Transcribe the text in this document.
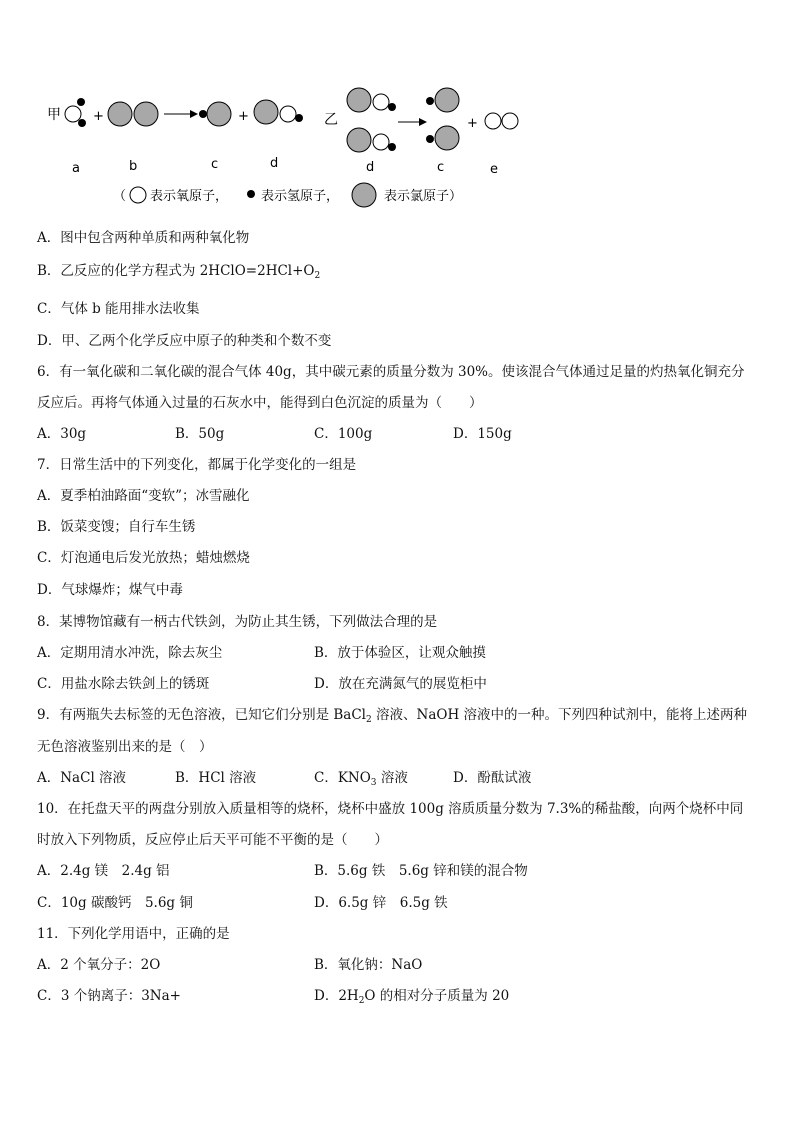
甲 +	+	乙	+
a	b	c	d	d	c	e
（ 表示氧原子，	表示氢原子，	表示氯原子）
A．图中包含两种单质和两种氧化物
B．乙反应的化学方程式为 $2HClO=2HCl+O_2$
C．气体 b 能用排水法收集
D．甲、乙两个化学反应中原子的种类和个数不变
6．有一氧化碳和二氧化碳的混合气体 40g，其中碳元素的质量分数为 30%。使该混合气体通过足量的灼热氧化铜充分
反应后。再将气体通入过量的石灰水中，能得到白色沉淀的质量为（　　）
A．30g	B．50g	C．100g	D．150g
7．日常生活中的下列变化，都属于化学变化的一组是
A．夏季柏油路面“变软”；冰雪融化
B．饭菜变馊；自行车生锈
C．灯泡通电后发光放热；蜡烛燃烧
D．气球爆炸；煤气中毒
8．某博物馆藏有一柄古代铁剑，为防止其生锈，下列做法合理的是
A．定期用清水冲洗，除去灰尘	B．放于体验区，让观众触摸
C．用盐水除去铁剑上的锈斑	D．放在充满氮气的展览柜中
9．有两瓶失去标签的无色溶液，已知它们分别是 BaCl$_2$ 溶液、NaOH 溶液中的一种。下列四种试剂中，能将上述两种
无色溶液鉴别出来的是（　）
A．NaCl 溶液	B．HCl 溶液	C．$KNO_3$ 溶液	D．酚酞试液
10．在托盘天平的两盘分别放入质量相等的烧杯，烧杯中盛放 100g 溶质质量分数为 7.3%的稀盐酸，向两个烧杯中同
时放入下列物质，反应停止后天平可能不平衡的是（　　）
A．2.4g 镁　2.4g 铝	B．5.6g 铁　5.6g 锌和镁的混合物
C．10g 碳酸钙　5.6g 铜	D．6.5g 锌　6.5g 铁
11．下列化学用语中，正确的是
A．2 个氧分子：2O	B．氧化钠：NaO
C．3 个钠离子：3Na+	D．$2H_2O$ 的相对分子质量为 20
